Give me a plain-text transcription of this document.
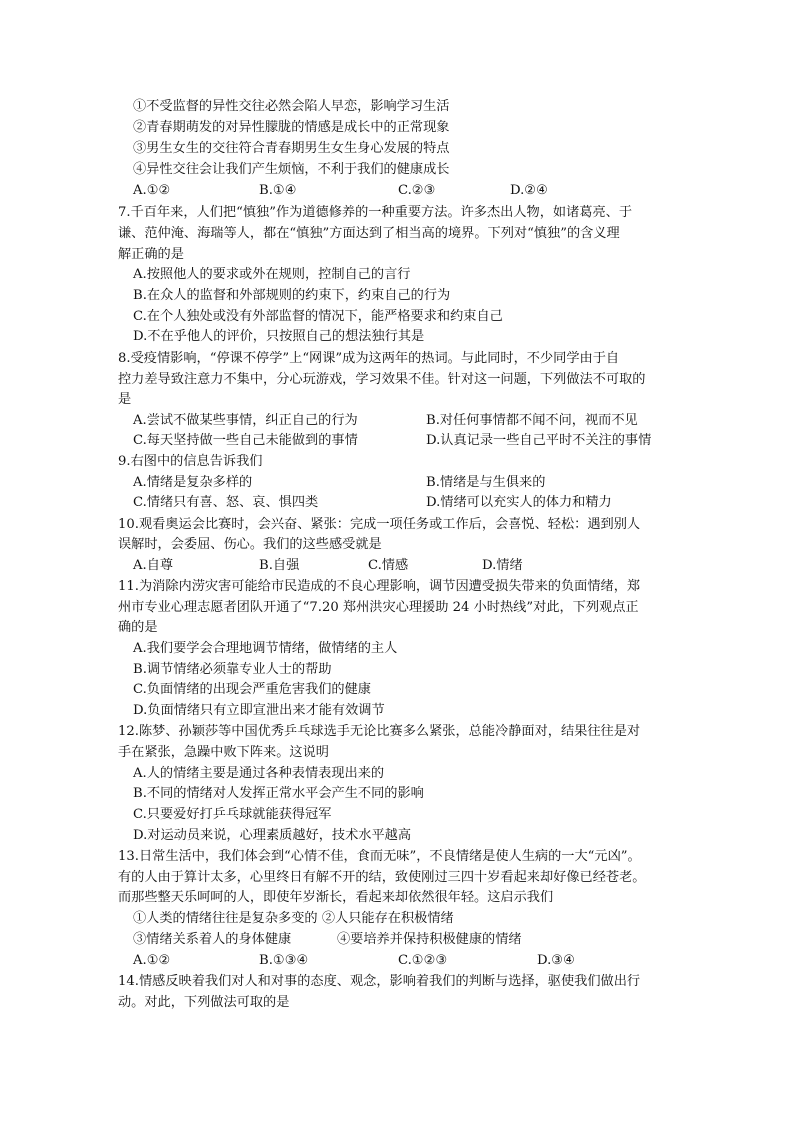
①不受监督的异性交往必然会陷人早恋，影响学习生活
②青春期萌发的对异性朦胧的情感是成长中的正常现象
③男生女生的交往符合青春期男生女生身心发展的特点
④异性交往会让我们产生烦恼，不利于我们的健康成长
A.①②	B.①④	C.②③	D.②④
7.千百年来，人们把“慎独”作为道德修养的一种重要方法。许多杰出人物，如诸葛亮、于
谦、范仲淹、海瑞等人，都在“慎独”方面达到了相当高的境界。下列对“慎独”的含义理
解正确的是
A.按照他人的要求或外在规则，控制自己的言行
B.在众人的监督和外部规则的约束下，约束自己的行为
C.在个人独处或没有外部监督的情况下，能严格要求和约束自己
D.不在乎他人的评价，只按照自己的想法独行其是
8.受疫情影响，“停课不停学”上“网课”成为这两年的热词。与此同时，不少同学由于自
控力差导致注意力不集中，分心玩游戏，学习效果不佳。针对这一问题，下列做法不可取的
是
A.尝试不做某些事情，纠正自己的行为	B.对任何事情都不闻不问，视而不见
C.每天坚持做一些自己未能做到的事情	D.认真记录一些自己平时不关注的事情
9.右图中的信息告诉我们
A.情绪是复杂多样的	B.情绪是与生俱来的
C.情绪只有喜、怒、哀、惧四类	D.情绪可以充实人的体力和精力
10.观看奥运会比赛时，会兴奋、紧张：完成一项任务或工作后，会喜悦、轻松：遇到别人
误解时，会委屈、伤心。我们的这些感受就是
A.自尊	B.自强	C.情感	D.情绪
11.为消除内涝灾害可能给市民造成的不良心理影响，调节因遭受损失带来的负面情绪，郑
州市专业心理志愿者团队开通了“7.20 郑州洪灾心理援助 24 小时热线”对此，下列观点正
确的是
A.我们要学会合理地调节情绪，做情绪的主人
B.调节情绪必须靠专业人士的帮助
C.负面情绪的出现会严重危害我们的健康
D.负面情绪只有立即宣泄出来才能有效调节
12.陈梦、孙颖莎等中国优秀乒乓球选手无论比赛多么紧张，总能冷静面对，结果往往是对
手在紧张，急躁中败下阵来。这说明
A.人的情绪主要是通过各种表情表现出来的
B.不同的情绪对人发挥正常水平会产生不同的影响
C.只要爱好打乒乓球就能获得冠军
D.对运动员来说，心理素质越好，技术水平越高
13.日常生活中，我们体会到“心情不佳，食而无味”，不良情绪是使人生病的一大“元凶”。
有的人由于算计太多，心里终日有解不开的结，致使刚过三四十岁看起来却好像已经苍老。
而那些整天乐呵呵的人，即使年岁渐长，看起来却依然很年轻。这启示我们
①人类的情绪往往是复杂多变的 ②人只能存在积极情绪
③情绪关系着人的身体健康	④要培养并保持积极健康的情绪
A.①②	B.①③④	C.①②③	D.③④
14.情感反映着我们对人和对事的态度、观念，影响着我们的判断与选择，驱使我们做出行
动。对此，下列做法可取的是
